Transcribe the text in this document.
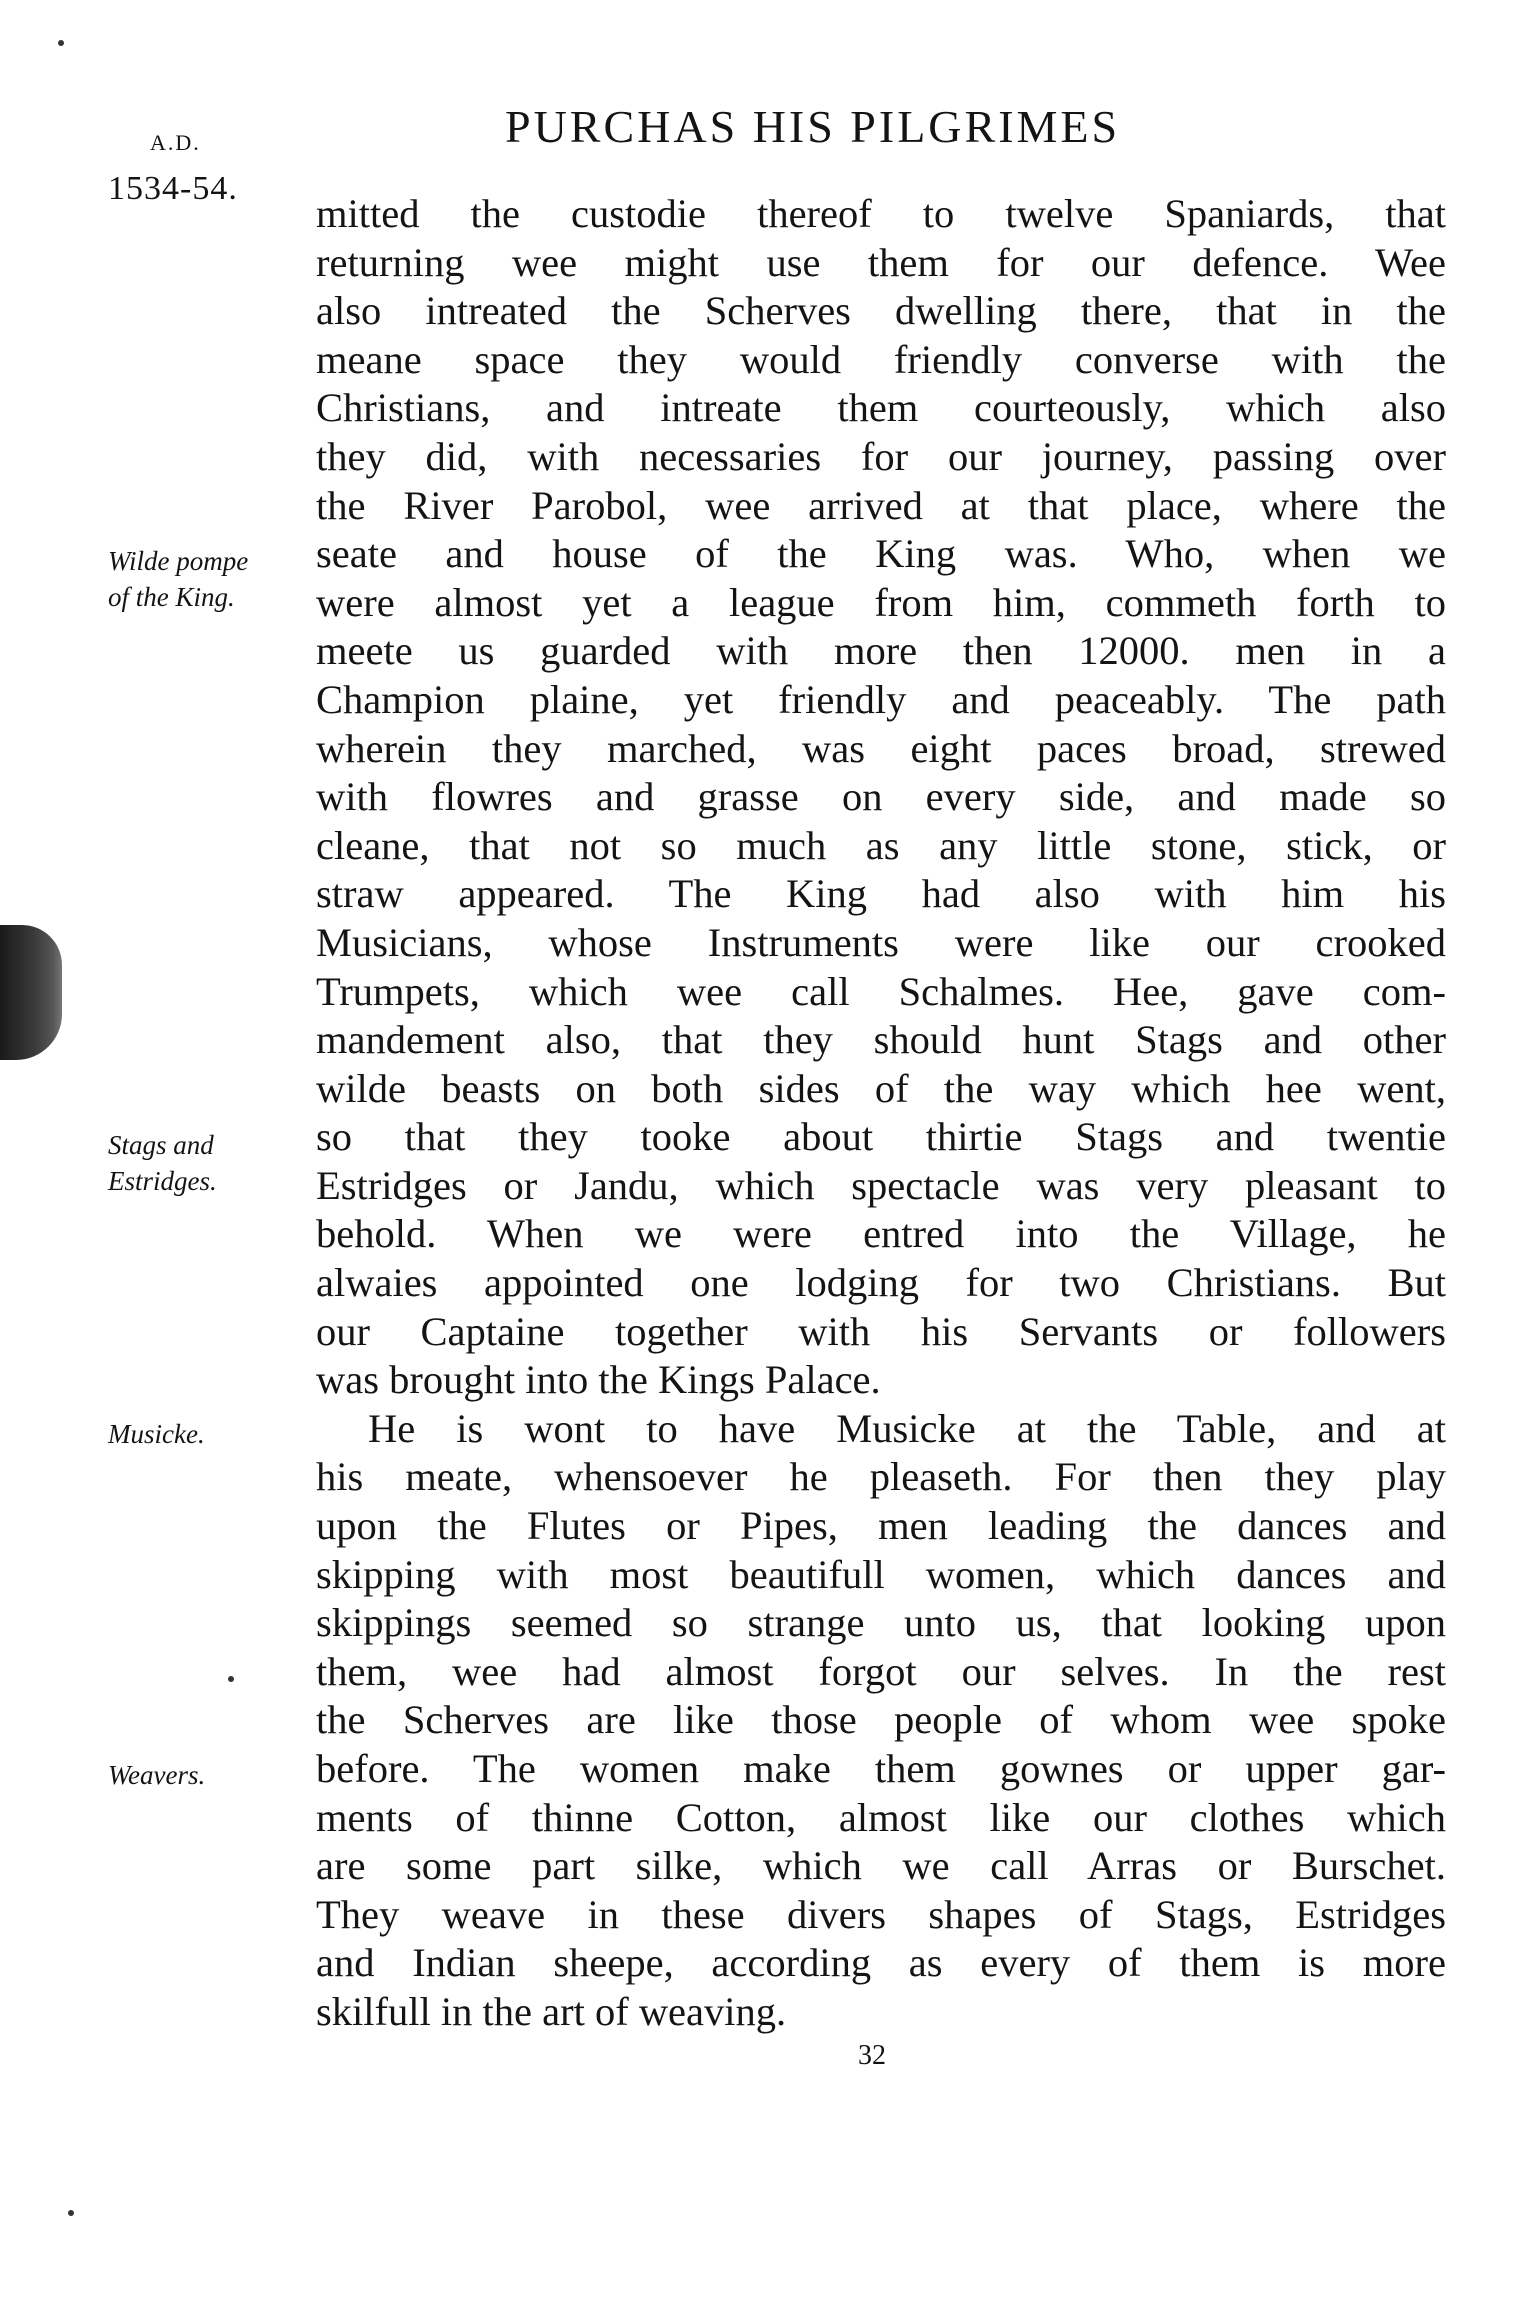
A.D.
1534-54.
PURCHAS HIS PILGRIMES
mitted the custodie thereof to twelve Spaniards, that
returning wee might use them for our defence. Wee
also intreated the Scherves dwelling there, that in the
meane space they would friendly converse with the
Christians, and intreate them courteously, which also
they did, with necessaries for our journey, passing over
the River Parobol, wee arrived at that place, where the
seate and house of the King was. Who, when we
were almost yet a league from him, commeth forth to
meete us guarded with more then 12000. men in a
Champion plaine, yet friendly and peaceably. The path
wherein they marched, was eight paces broad, strewed
with flowres and grasse on every side, and made so
cleane, that not so much as any little stone, stick, or
straw appeared. The King had also with him his
Musicians, whose Instruments were like our crooked
Trumpets, which wee call Schalmes. Hee, gave com-
mandement also, that they should hunt Stags and other
wilde beasts on both sides of the way which hee went,
so that they tooke about thirtie Stags and twentie
Estridges or Jandu, which spectacle was very pleasant to
behold. When we were entred into the Village, he
alwaies appointed one lodging for two Christians. But
our Captaine together with his Servants or followers
was brought into the Kings Palace.
He is wont to have Musicke at the Table, and at
his meate, whensoever he pleaseth. For then they play
upon the Flutes or Pipes, men leading the dances and
skipping with most beautifull women, which dances and
skippings seemed so strange unto us, that looking upon
them, wee had almost forgot our selves. In the rest
the Scherves are like those people of whom wee spoke
before. The women make them gownes or upper gar-
ments of thinne Cotton, almost like our clothes which
are some part silke, which we call Arras or Burschet.
They weave in these divers shapes of Stags, Estridges
and Indian sheepe, according as every of them is more
skilfull in the art of weaving.
Wilde pompe
of the King.
Stags and
Estridges.
Musicke.
Weavers.
32
